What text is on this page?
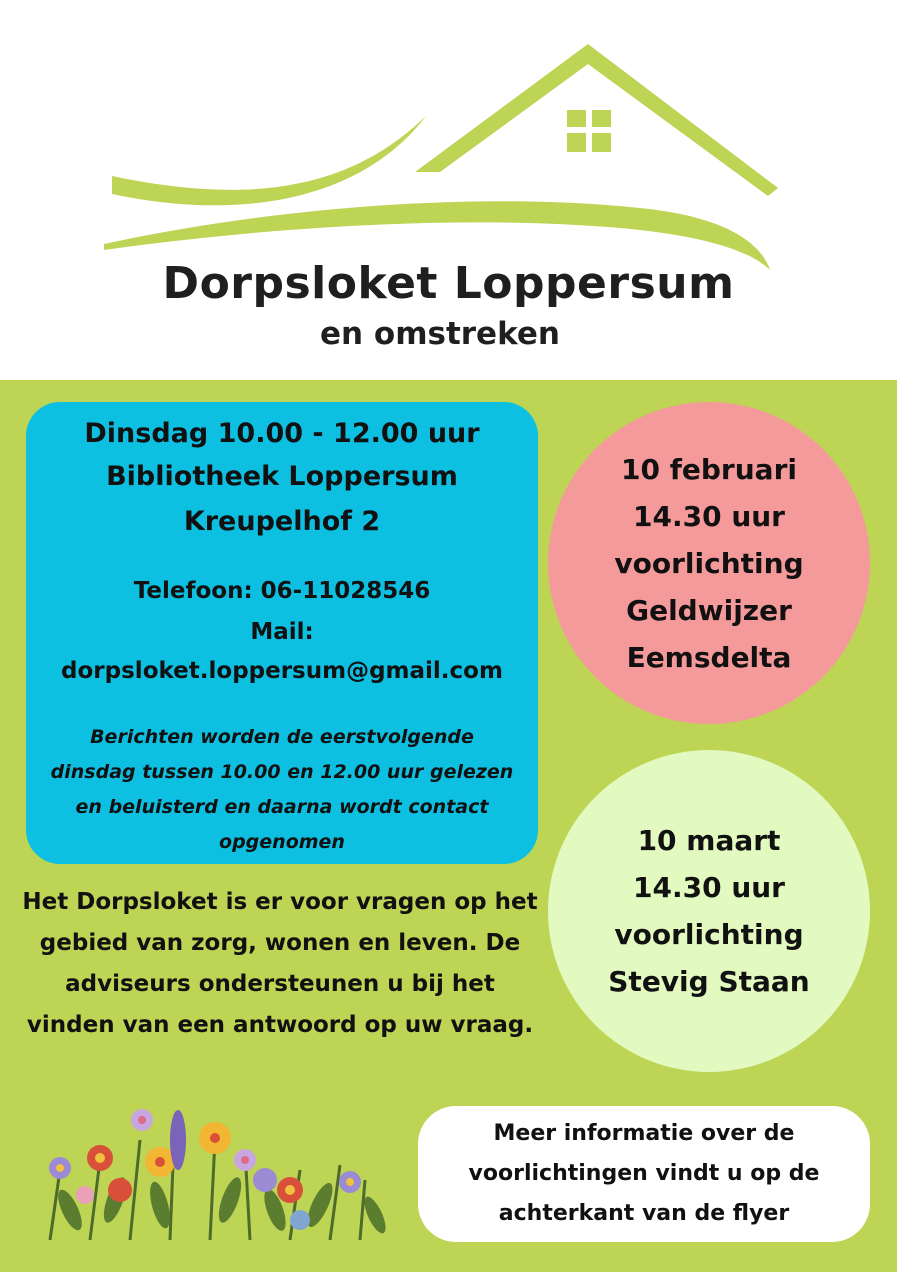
Dorpsloket Loppersum
en omstreken
Dinsdag 10.00 - 12.00 uur
Bibliotheek Loppersum
Kreupelhof 2
Telefoon: 06-11028546
Mail:
dorpsloket.loppersum@gmail.com
Berichten worden de eerstvolgende dinsdag tussen 10.00 en 12.00 uur gelezen en beluisterd en daarna wordt contact opgenomen
10 februari
14.30 uur
voorlichting
Geldwijzer
Eemsdelta
10 maart
14.30 uur
voorlichting
Stevig Staan
Het Dorpsloket is er voor vragen op het gebied van zorg, wonen en leven. De adviseurs ondersteunen u bij het vinden van een antwoord op uw vraag.
Meer informatie over de voorlichtingen vindt u op de achterkant van de flyer
